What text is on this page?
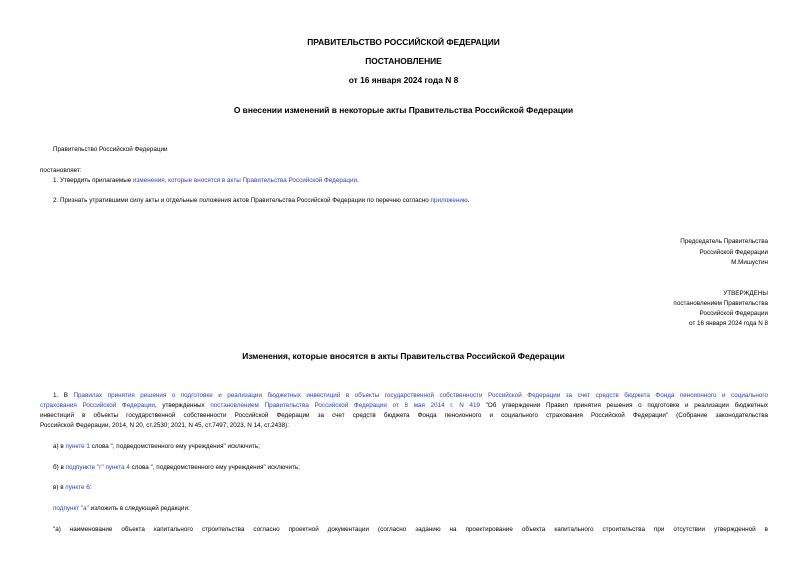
ПРАВИТЕЛЬСТВО РОССИЙСКОЙ ФЕДЕРАЦИИ

ПОСТАНОВЛЕНИЕ

от 16 января 2024 года N 8

О внесении изменений в некоторые акты Правительства Российской Федерации

Правительство Российской Федерации

постановляет:

1. Утвердить прилагаемые изменения, которые вносятся в акты Правительства Российской Федерации.

2. Признать утратившими силу акты и отдельные положения актов Правительства Российской Федерации по перечню согласно приложению.

Председатель Правительства

Российской Федерации

М.Мишустин

УТВЕРЖДЕНЫ

постановлением Правительства

Российской Федерации

от 16 января 2024 года N 8

Изменения, которые вносятся в акты Правительства Российской Федерации

1. В Правилах принятия решения о подготовке и реализации бюджетных инвестиций в объекты государственной собственности Российской Федерации за счет средств бюджета Фонда пенсионного и социального

страхования Российской Федерации, утвержденных постановлением Правительства Российской Федерации от 8 мая 2014 г. N 419 "Об утверждении Правил принятия решения о подготовке и реализации бюджетных

инвестиций в объекты государственной собственности Российской Федерации за счет средств бюджета Фонда пенсионного и социального страхования Российской Федерации" (Собрание законодательства

Российской Федерации, 2014, N 20, ст.2530; 2021, N 45, ст.7497; 2023, N 14, ст.2438):

а) в пункте 1 слова ", подведомственного ему учреждения" исключить;

б) в подпункте "г" пункта 4 слова ", подведомственного ему учреждения" исключить;

в) в пункте 6:

подпункт "а" изложить в следующей редакции:

"а) наименование объекта капитального строительства согласно проектной документации (согласно заданию на проектирование объекта капитального строительства при отсутствии утвержденной в
